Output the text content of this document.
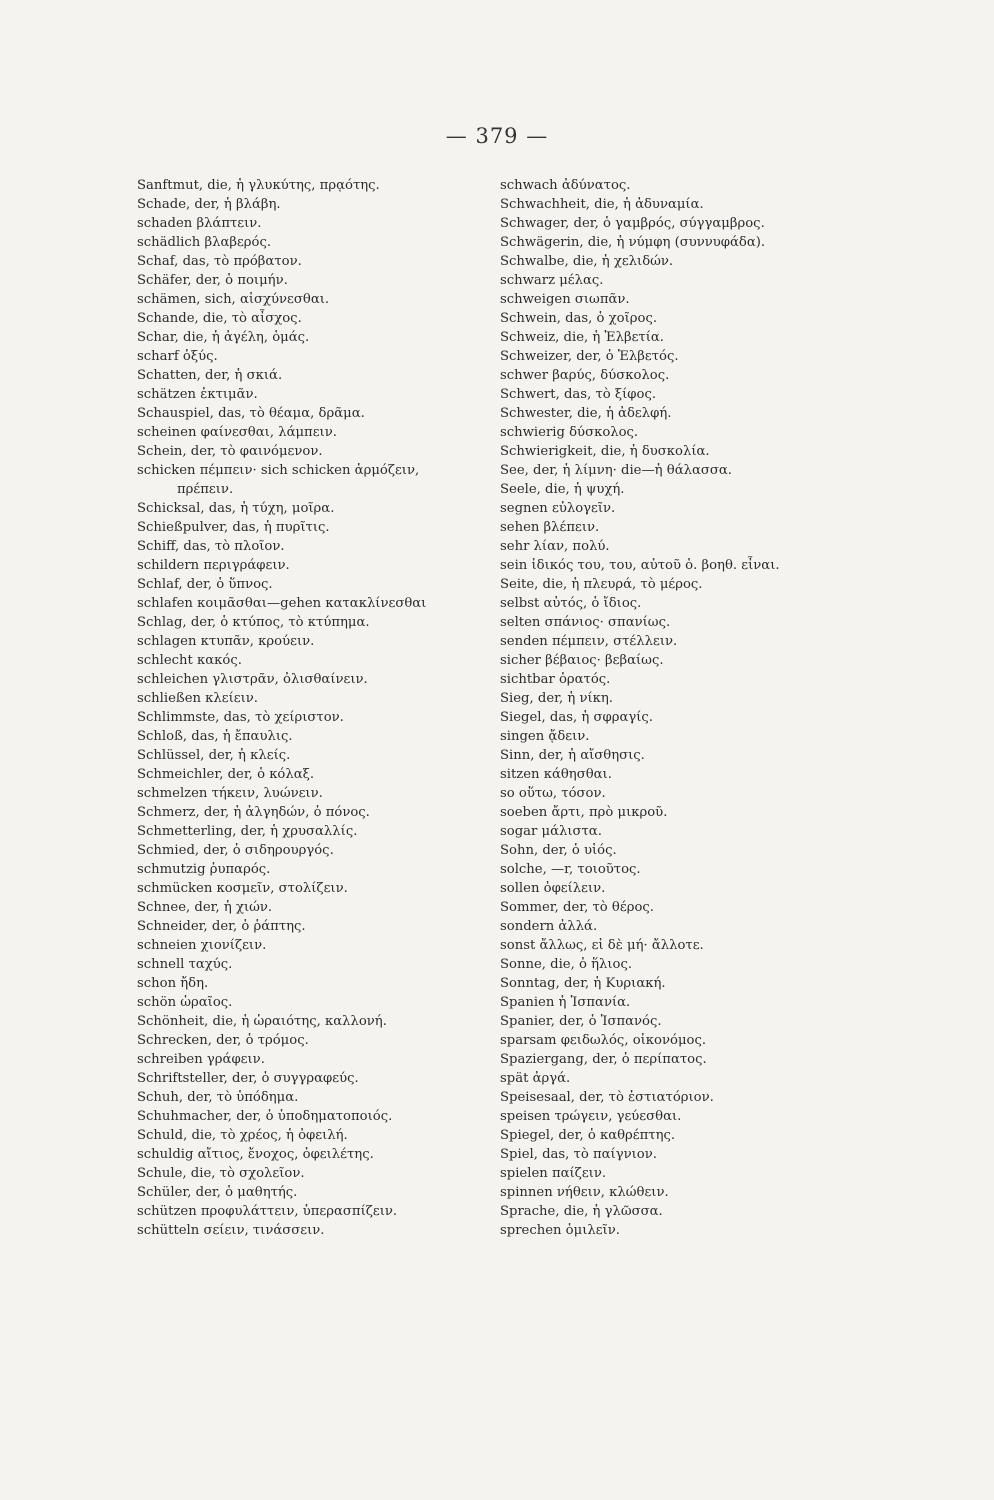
— 379 —
Sanftmut, die, ἡ γλυκύτης, πρᾳότης.
Schade, der, ἡ βλάβη.
schaden βλάπτειν.
schädlich βλαβερός.
Schaf, das, τὸ πρόβατον.
Schäfer, der, ὁ ποιμήν.
schämen, sich, αἰσχύνεσθαι.
Schande, die, τὸ αἶσχος.
Schar, die, ἡ ἀγέλη, ὁμάς.
scharf ὀξύς.
Schatten, der, ἡ σκιά.
schätzen ἐκτιμᾶν.
Schauspiel, das, τὸ θέαμα, δρᾶμα.
scheinen φαίνεσθαι, λάμπειν.
Schein, der, τὸ φαινόμενον.
schicken πέμπειν· sich schicken ἁρμόζειν,
πρέπειν.
Schicksal, das, ἡ τύχη, μοῖρα.
Schießpulver, das, ἡ πυρῖτις.
Schiff, das, τὸ πλοῖον.
schildern περιγράφειν.
Schlaf, der, ὁ ὕπνος.
schlafen κοιμᾶσθαι—gehen κατακλίνεσθαι
Schlag, der, ὁ κτύπος, τὸ κτύπημα.
schlagen κτυπᾶν, κρούειν.
schlecht κακός.
schleichen γλιστρᾶν, ὀλισθαίνειν.
schließen κλείειν.
Schlimmste, das, τὸ χείριστον.
Schloß, das, ἡ ἔπαυλις.
Schlüssel, der, ἡ κλείς.
Schmeichler, der, ὁ κόλαξ.
schmelzen τήκειν, λυώνειν.
Schmerz, der, ἡ ἀλγηδών, ὁ πόνος.
Schmetterling, der, ἡ χρυσαλλίς.
Schmied, der, ὁ σιδηρουργός.
schmutzig ῥυπαρός.
schmücken κοσμεῖν, στολίζειν.
Schnee, der, ἡ χιών.
Schneider, der, ὁ ῥάπτης.
schneien χιονίζειν.
schnell ταχύς.
schon ἤδη.
schön ὡραῖος.
Schönheit, die, ἡ ὡραιότης, καλλονή.
Schrecken, der, ὁ τρόμος.
schreiben γράφειν.
Schriftsteller, der, ὁ συγγραφεύς.
Schuh, der, τὸ ὑπόδημα.
Schuhmacher, der, ὁ ὑποδηματοποιός.
Schuld, die, τὸ χρέος, ἡ ὀφειλή.
schuldig αἴτιος, ἔνοχος, ὀφειλέτης.
Schule, die, τὸ σχολεῖον.
Schüler, der, ὁ μαθητής.
schützen προφυλάττειν, ὑπερασπίζειν.
schütteln σείειν, τινάσσειν.
schwach ἀδύνατος.
Schwachheit, die, ἡ ἀδυναμία.
Schwager, der, ὁ γαμβρός, σύγγαμβρος.
Schwägerin, die, ἡ νύμφη (συννυφάδα).
Schwalbe, die, ἡ χελιδών.
schwarz μέλας.
schweigen σιωπᾶν.
Schwein, das, ὁ χοῖρος.
Schweiz, die, ἡ Ἑλβετία.
Schweizer, der, ὁ Ἑλβετός.
schwer βαρύς, δύσκολος.
Schwert, das, τὸ ξίφος.
Schwester, die, ἡ ἀδελφή.
schwierig δύσκολος.
Schwierigkeit, die, ἡ δυσκολία.
See, der, ἡ λίμνη· die—ἡ θάλασσα.
Seele, die, ἡ ψυχή.
segnen εὐλογεῖν.
sehen βλέπειν.
sehr λίαν, πολύ.
sein ἰδικός του, του, αὐτοῦ ὁ. βοηθ. εἶναι.
Seite, die, ἡ πλευρά, τὸ μέρος.
selbst αὐτός, ὁ ἴδιος.
selten σπάνιος· σπανίως.
senden πέμπειν, στέλλειν.
sicher βέβαιος· βεβαίως.
sichtbar ὁρατός.
Sieg, der, ἡ νίκη.
Siegel, das, ἡ σφραγίς.
singen ᾄδειν.
Sinn, der, ἡ αἴσθησις.
sitzen κάθησθαι.
so οὕτω, τόσον.
soeben ἄρτι, πρὸ μικροῦ.
sogar μάλιστα.
Sohn, der, ὁ υἱός.
solche, —r, τοιοῦτος.
sollen ὀφείλειν.
Sommer, der, τὸ θέρος.
sondern ἀλλά.
sonst ἄλλως, εἰ δὲ μή· ἄλλοτε.
Sonne, die, ὁ ἥλιος.
Sonntag, der, ἡ Κυριακή.
Spanien ἡ Ἱσπανία.
Spanier, der, ὁ Ἱσπανός.
sparsam φειδωλός, οἰκονόμος.
Spaziergang, der, ὁ περίπατος.
spät ἀργά.
Speisesaal, der, τὸ ἑστιατόριον.
speisen τρώγειν, γεύεσθαι.
Spiegel, der, ὁ καθρέπτης.
Spiel, das, τὸ παίγνιον.
spielen παίζειν.
spinnen νήθειν, κλώθειν.
Sprache, die, ἡ γλῶσσα.
sprechen ὁμιλεῖν.
